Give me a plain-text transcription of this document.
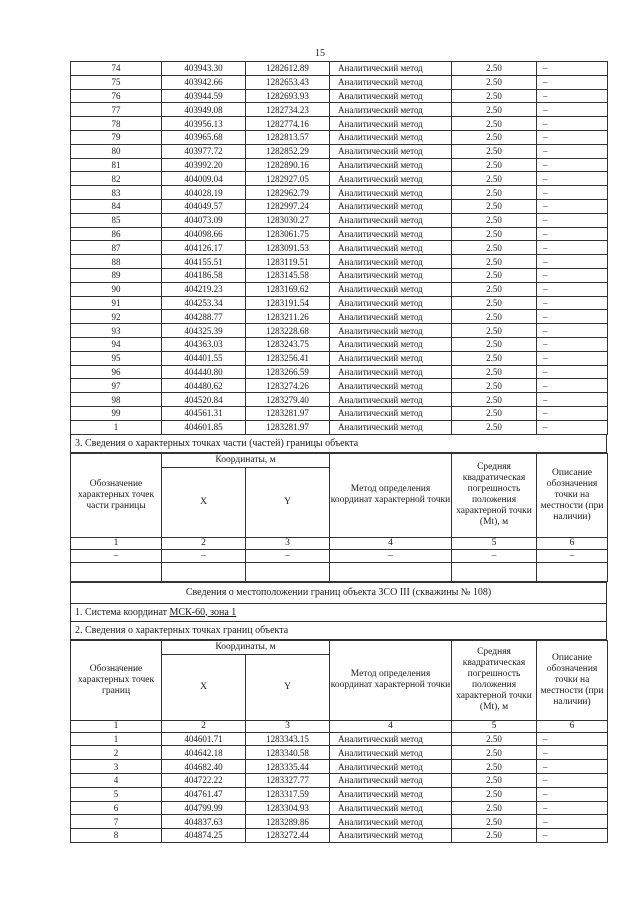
15
74	403943.30	1282612.89	Аналитический метод	2.50	–
75	403942.66	1282653.43	Аналитический метод	2.50	–
76	403944.59	1282693.93	Аналитический метод	2.50	–
77	403949.08	1282734.23	Аналитический метод	2.50	–
78	403956.13	1282774.16	Аналитический метод	2.50	–
79	403965.68	1282813.57	Аналитический метод	2.50	–
80	403977.72	1282852.29	Аналитический метод	2.50	–
81	403992.20	1282890.16	Аналитический метод	2.50	–
82	404009.04	1282927.05	Аналитический метод	2.50	–
83	404028.19	1282962.79	Аналитический метод	2.50	–
84	404049.57	1282997.24	Аналитический метод	2.50	–
85	404073.09	1283030.27	Аналитический метод	2.50	–
86	404098.66	1283061.75	Аналитический метод	2.50	–
87	404126.17	1283091.53	Аналитический метод	2.50	–
88	404155.51	1283119.51	Аналитический метод	2.50	–
89	404186.58	1283145.58	Аналитический метод	2.50	–
90	404219.23	1283169.62	Аналитический метод	2.50	–
91	404253.34	1283191.54	Аналитический метод	2.50	–
92	404288.77	1283211.26	Аналитический метод	2.50	–
93	404325.39	1283228.68	Аналитический метод	2.50	–
94	404363.03	1283243.75	Аналитический метод	2.50	–
95	404401.55	1283256.41	Аналитический метод	2.50	–
96	404440.80	1283266.59	Аналитический метод	2.50	–
97	404480.62	1283274.26	Аналитический метод	2.50	–
98	404520.84	1283279.40	Аналитический метод	2.50	–
99	404561.31	1283281.97	Аналитический метод	2.50	–
1	404601.85	1283281.97	Аналитический метод	2.50	–
3. Сведения о характерных точках части (частей) границы объекта
Обозначение характерных точек части границы	Координаты, м		Метод определения координат характерной точки	Средняя квадратическая погрешность положения характерной точки (Mt), м	Описание обозначения точки на местности (при наличии)
	X	Y			
1	2	3	4	5	6
–	–	–	–	–	–

Сведения о местоположении границ объекта ЗСО III (скважины № 108)
1. Система координат МСК-60, зона 1
2. Сведения о характерных точках границ объекта
Обозначение характерных точек границ	Координаты, м		Метод определения координат характерной точки	Средняя квадратическая погрешность положения характерной точки (Mt), м	Описание обозначения точки на местности (при наличии)
	X	Y			
1	2	3	4	5	6
1	404601.71	1283343.15	Аналитический метод	2.50	–
2	404642.18	1283340.58	Аналитический метод	2.50	–
3	404682.40	1283335.44	Аналитический метод	2.50	–
4	404722.22	1283327.77	Аналитический метод	2.50	–
5	404761.47	1283317.59	Аналитический метод	2.50	–
6	404799.99	1283304.93	Аналитический метод	2.50	–
7	404837.63	1283289.86	Аналитический метод	2.50	–
8	404874.25	1283272.44	Аналитический метод	2.50	–
